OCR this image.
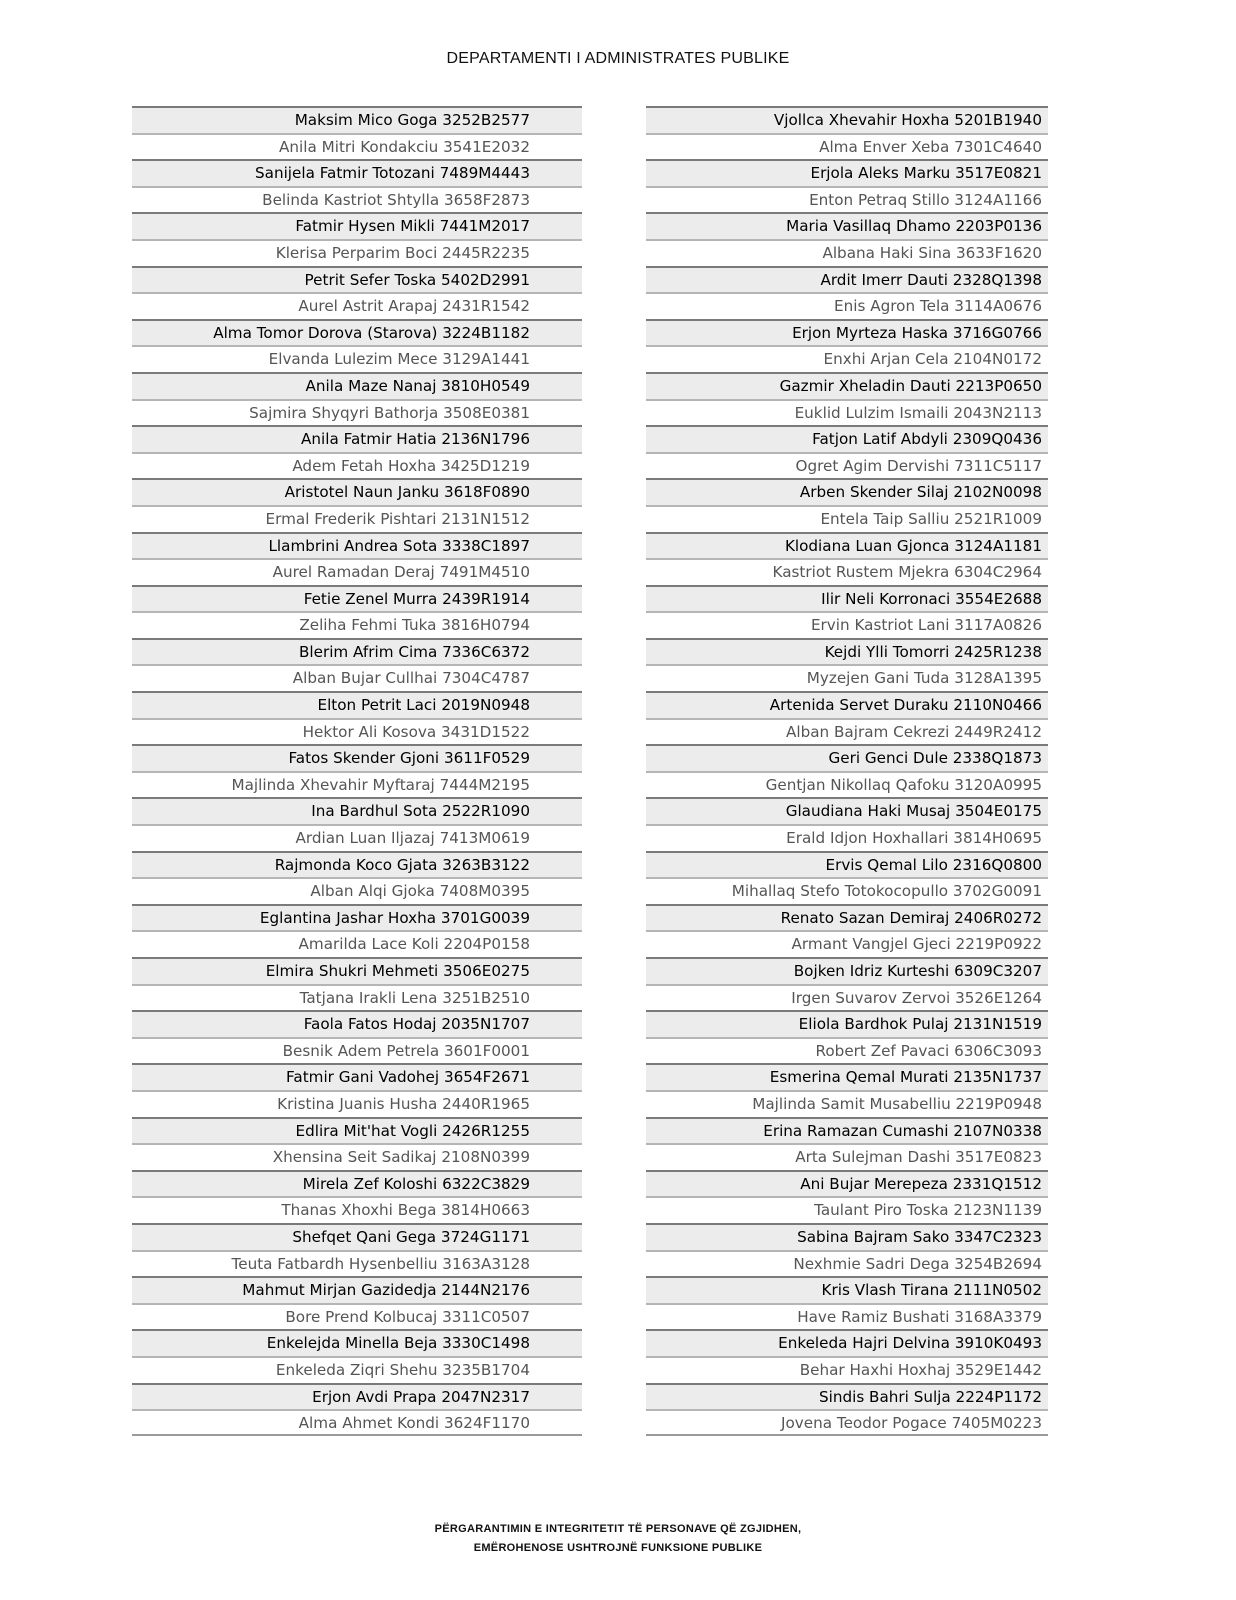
DEPARTAMENTI I ADMINISTRATES PUBLIKE
Maksim Mico Goga 3252B2577
Anila Mitri Kondakciu 3541E2032
Sanijela Fatmir Totozani 7489M4443
Belinda Kastriot Shtylla 3658F2873
Fatmir Hysen Mikli 7441M2017
Klerisa Perparim Boci 2445R2235
Petrit Sefer Toska 5402D2991
Aurel Astrit Arapaj 2431R1542
Alma Tomor Dorova (Starova) 3224B1182
Elvanda Lulezim Mece 3129A1441
Anila Maze Nanaj 3810H0549
Sajmira Shyqyri Bathorja 3508E0381
Anila Fatmir Hatia 2136N1796
Adem Fetah Hoxha 3425D1219
Aristotel Naun Janku 3618F0890
Ermal Frederik Pishtari 2131N1512
Llambrini Andrea Sota 3338C1897
Aurel Ramadan Deraj 7491M4510
Fetie Zenel Murra 2439R1914
Zeliha Fehmi Tuka 3816H0794
Blerim Afrim Cima 7336C6372
Alban Bujar Cullhai 7304C4787
Elton Petrit Laci 2019N0948
Hektor Ali Kosova 3431D1522
Fatos Skender Gjoni 3611F0529
Majlinda Xhevahir Myftaraj 7444M2195
Ina Bardhul Sota 2522R1090
Ardian Luan Iljazaj 7413M0619
Rajmonda Koco Gjata 3263B3122
Alban Alqi Gjoka 7408M0395
Eglantina Jashar Hoxha 3701G0039
Amarilda Lace Koli 2204P0158
Elmira Shukri Mehmeti 3506E0275
Tatjana Irakli Lena 3251B2510
Faola Fatos Hodaj 2035N1707
Besnik Adem Petrela 3601F0001
Fatmir Gani Vadohej 3654F2671
Kristina Juanis Husha 2440R1965
Edlira Mit'hat Vogli 2426R1255
Xhensina Seit Sadikaj 2108N0399
Mirela Zef Koloshi 6322C3829
Thanas Xhoxhi Bega 3814H0663
Shefqet Qani Gega 3724G1171
Teuta Fatbardh Hysenbelliu 3163A3128
Mahmut Mirjan Gazidedja 2144N2176
Bore Prend Kolbucaj 3311C0507
Enkelejda Minella Beja 3330C1498
Enkeleda Ziqri Shehu 3235B1704
Erjon Avdi Prapa 2047N2317
Alma Ahmet Kondi 3624F1170
Vjollca Xhevahir Hoxha 5201B1940
Alma Enver Xeba 7301C4640
Erjola Aleks Marku 3517E0821
Enton Petraq Stillo 3124A1166
Maria Vasillaq Dhamo 2203P0136
Albana Haki Sina 3633F1620
Ardit Imerr Dauti 2328Q1398
Enis Agron Tela 3114A0676
Erjon Myrteza Haska 3716G0766
Enxhi Arjan Cela 2104N0172
Gazmir Xheladin Dauti 2213P0650
Euklid Lulzim Ismaili 2043N2113
Fatjon Latif Abdyli 2309Q0436
Ogret Agim Dervishi 7311C5117
Arben Skender Silaj 2102N0098
Entela Taip Salliu 2521R1009
Klodiana Luan Gjonca 3124A1181
Kastriot Rustem Mjekra 6304C2964
Ilir Neli Korronaci 3554E2688
Ervin Kastriot Lani 3117A0826
Kejdi Ylli Tomorri 2425R1238
Myzejen Gani Tuda 3128A1395
Artenida Servet Duraku 2110N0466
Alban Bajram Cekrezi 2449R2412
Geri Genci Dule 2338Q1873
Gentjan Nikollaq Qafoku 3120A0995
Glaudiana Haki Musaj 3504E0175
Erald Idjon Hoxhallari 3814H0695
Ervis Qemal Lilo 2316Q0800
Mihallaq Stefo Totokocopullo 3702G0091
Renato Sazan Demiraj 2406R0272
Armant Vangjel Gjeci 2219P0922
Bojken Idriz Kurteshi 6309C3207
Irgen Suvarov Zervoi 3526E1264
Eliola Bardhok Pulaj 2131N1519
Robert Zef Pavaci 6306C3093
Esmerina Qemal Murati 2135N1737
Majlinda Samit Musabelliu 2219P0948
Erina Ramazan Cumashi 2107N0338
Arta Sulejman Dashi 3517E0823
Ani Bujar Merepeza 2331Q1512
Taulant Piro Toska 2123N1139
Sabina Bajram Sako 3347C2323
Nexhmie Sadri Dega 3254B2694
Kris Vlash Tirana 2111N0502
Have Ramiz Bushati 3168A3379
Enkeleda Hajri Delvina 3910K0493
Behar Haxhi Hoxhaj 3529E1442
Sindis Bahri Sulja 2224P1172
Jovena Teodor Pogace 7405M0223
PËRGARANTIMIN E INTEGRITETIT TË PERSONAVE QË ZGJIDHEN,
EMËROHENOSE USHTROJNË FUNKSIONE PUBLIKE
